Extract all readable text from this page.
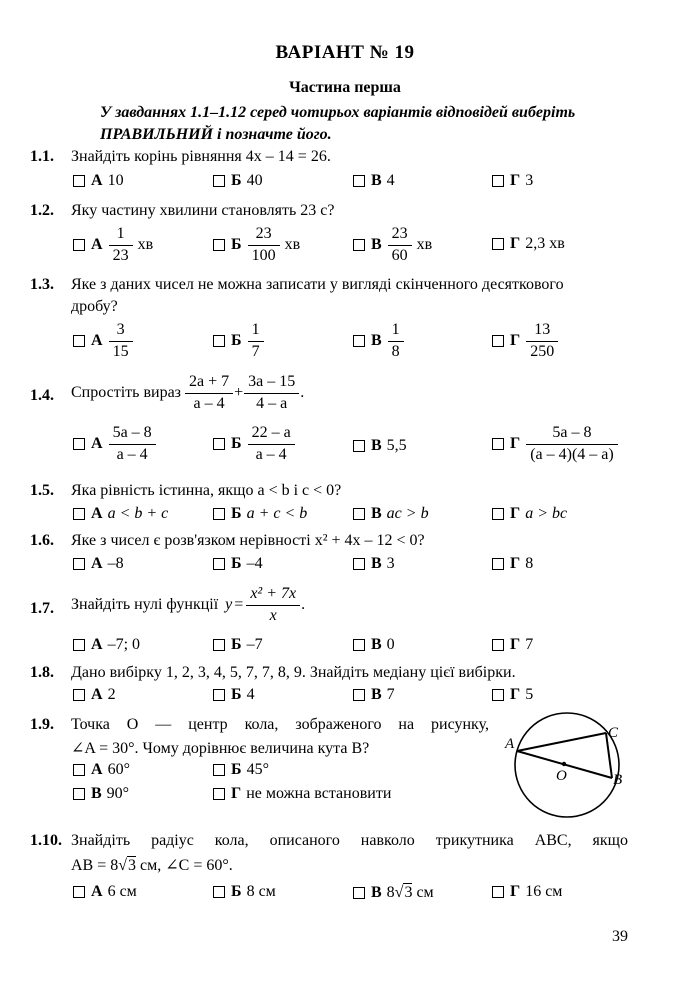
ВАРІАНТ № 19
Частина перша
У завданнях 1.1–1.12 серед чотирьох варіантів відповідей виберіть ПРАВИЛЬНИЙ і позначте його.
1.1. Знайдіть корінь рівняння 4x – 14 = 26.
А 10	Б 40	В 4	Г 3
1.2. Яку частину хвилини становлять 23 с?
А $\frac{1}{23}$ хв	Б $\frac{23}{100}$ хв	В $\frac{23}{60}$ хв	Г 2,3 хв
1.3. Яке з даних чисел не можна записати у вигляді скінченного десяткового
дробу?
А $\frac{3}{15}$	Б $\frac{1}{7}$	В $\frac{1}{8}$	Г $\frac{13}{250}$
1.4. Спростіть вираз $\frac{2a + 7}{a - 4} + \frac{3a - 15}{4 - a}$ .
А $\frac{5a - 8}{a - 4}$	Б $\frac{22 - a}{a - 4}$	В 5,5	Г $\frac{5a - 8}{(a - 4)(4 - a)}$
1.5. Яка рівність істинна, якщо a < b і c < 0?
А a < b + c	Б a + c < b	В ac > b	Г a > bc
1.6. Яке з чисел є розв'язком нерівності x² + 4x – 12 < 0?
А –8	Б –4	В 3	Г 8
1.7. Знайдіть нулі функції $y = \frac{\text{x² + 7x}}{x}$ .
А –7; 0	Б –7	В 0	Г 7
1.8. Дано вибірку 1, 2, 3, 4, 5, 7, 7, 8, 9. Знайдіть медіану цієї вибірки.
А 2	Б 4	В 7	Г 5
1.9. Точка O — центр кола, зображеного на рисунку,
∠A = 30°. Чому дорівнює величина кута B?
А 60°	Б 45°
В 90°	Г не можна встановити
A
C
B
O
1.10. Знайдіть радіус кола, описаного навколо трикутника ABC, якщо
AB = 8√3 см, ∠C = 60°.
А 6 см	Б 8 см	В 8 √ 3 см	Г 16 см
39
